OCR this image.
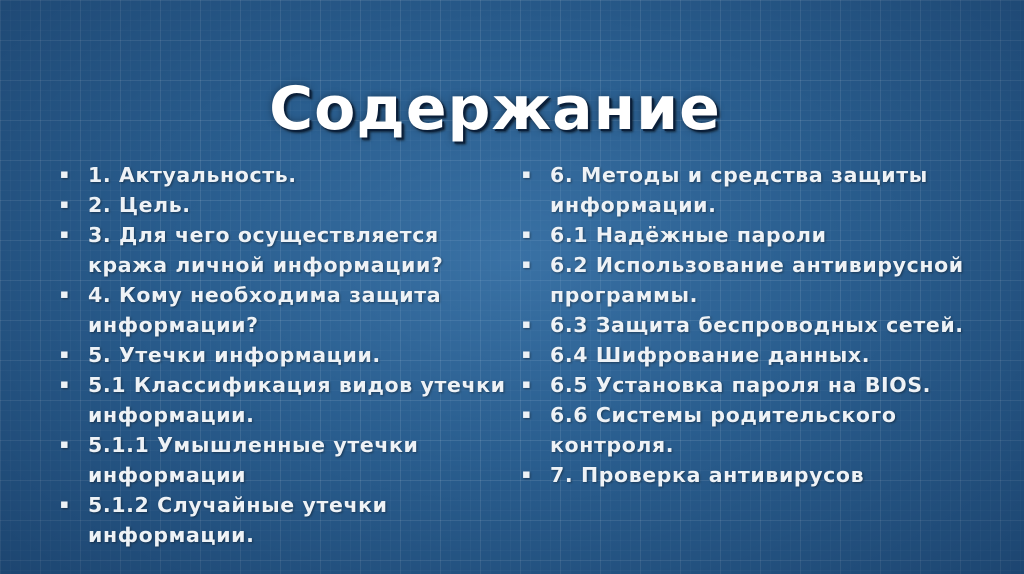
Содержание
▪ 1. Актуальность.
▪ 2. Цель.
▪ 3. Для чего осуществляется кража личной информации?
▪ 4. Кому необходима защита информации?
▪ 5. Утечки информации.
▪ 5.1 Классификация видов утечки информации.
▪ 5.1.1 Умышленные утечки информации
▪ 5.1.2 Случайные утечки информации.
▪ 6. Методы и средства защиты информации.
▪ 6.1 Надёжные пароли
▪ 6.2 Использование антивирусной программы.
▪ 6.3 Защита беспроводных сетей.
▪ 6.4 Шифрование данных.
▪ 6.5 Установка пароля на BIOS.
▪ 6.6 Системы родительского контроля.
▪ 7. Проверка антивирусов
